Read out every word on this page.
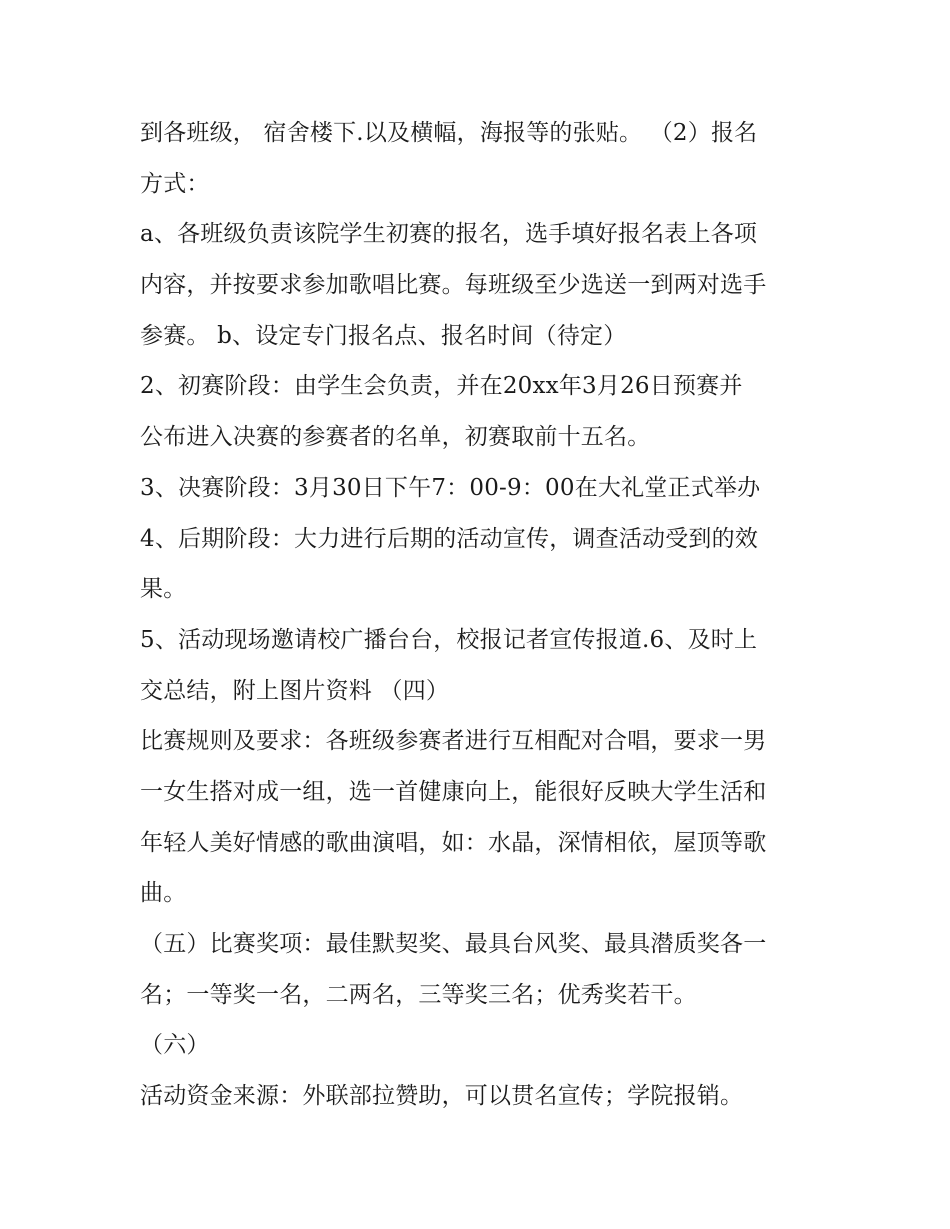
到各班级， 宿舍楼下.以及横幅，海报等的张贴。 （2）报名
方式：
a、各班级负责该院学生初赛的报名，选手填好报名表上各项
内容，并按要求参加歌唱比赛。每班级至少选送一到两对选手
参赛。 b、设定专门报名点、报名时间（待定）
2、初赛阶段：由学生会负责，并在20xx年3月26日预赛并
公布进入决赛的参赛者的名单，初赛取前十五名。
3、决赛阶段：3月30日下午7：00-9：00在大礼堂正式举办
4、后期阶段：大力进行后期的活动宣传，调查活动受到的效
果。
5、活动现场邀请校广播台台，校报记者宣传报道.6、及时上
交总结，附上图片资料 （四）
比赛规则及要求：各班级参赛者进行互相配对合唱，要求一男
一女生搭对成一组，选一首健康向上，能很好反映大学生活和
年轻人美好情感的歌曲演唱，如：水晶，深情相依，屋顶等歌
曲。
（五）比赛奖项：最佳默契奖、最具台风奖、最具潜质奖各一
名；一等奖一名，二两名，三等奖三名；优秀奖若干。
（六）
活动资金来源：外联部拉赞助，可以贯名宣传；学院报销。
